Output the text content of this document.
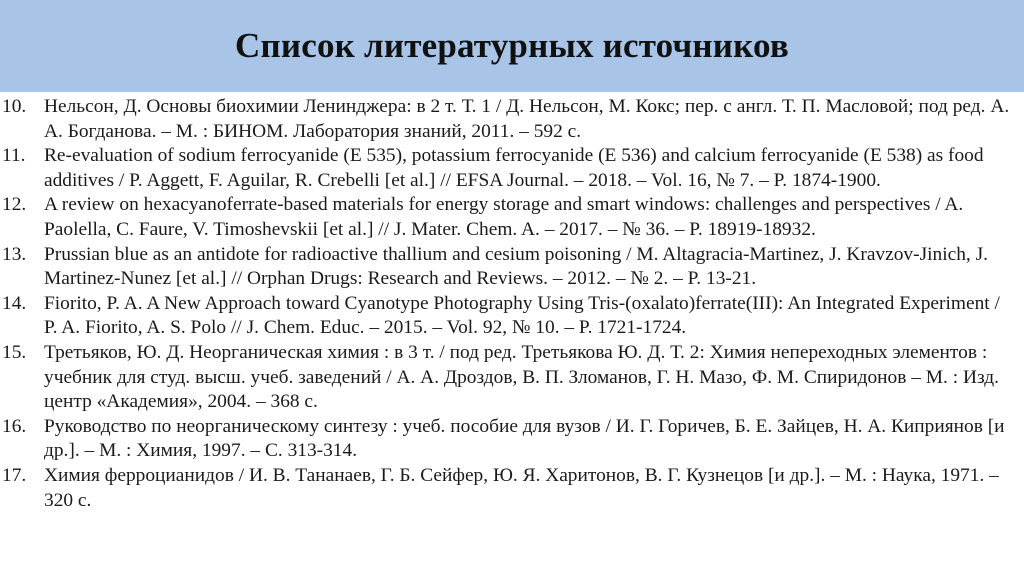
Список литературных источников
10. Нельсон, Д. Основы биохимии Ленинджера: в 2 т. Т. 1 / Д. Нельсон, М. Кокс; пер. с англ. Т. П. Масловой; под ред. А. А. Богданова. – М. : БИНОМ. Лаборатория знаний, 2011. – 592 с.
11. Re-evaluation of sodium ferrocyanide (E 535), potassium ferrocyanide (E 536) and calcium ferrocyanide (E 538) as food additives / P. Aggett, F. Aguilar, R. Crebelli [et al.] // EFSA Journal. – 2018. – Vol. 16, № 7. – P. 1874-1900.
12. A review on hexacyanoferrate-based materials for energy storage and smart windows: challenges and perspectives / A. Paolella, C. Faure, V. Timoshevskii [et al.] // J. Mater. Chem. A. – 2017. – № 36. – P. 18919-18932.
13. Prussian blue as an antidote for radioactive thallium and cesium poisoning / M. Altagracia-Martinez, J. Kravzov-Jinich, J. Martinez-Nunez [et al.] // Orphan Drugs: Research and Reviews. – 2012. – № 2. – P. 13-21.
14. Fiorito, P. A. A New Approach toward Cyanotype Photography Using Tris-(oxalato)ferrate(III): An Integrated Experiment / P. A. Fiorito, A. S. Polo // J. Chem. Educ. – 2015. – Vol. 92, № 10. – P. 1721-1724.
15. Третьяков, Ю. Д. Неорганическая химия : в 3 т. / под ред. Третьякова Ю. Д. Т. 2: Химия непереходных элементов : учебник для студ. высш. учеб. заведений / А. А. Дроздов, В. П. Зломанов, Г. Н. Мазо, Ф. М. Спиридонов – М. : Изд. центр «Академия», 2004. – 368 с.
16. Руководство по неорганическому синтезу : учеб. пособие для вузов / И. Г. Горичев, Б. Е. Зайцев, Н. А. Киприянов [и др.]. – М. : Химия, 1997. – С. 313-314.
17. Химия ферроцианидов / И. В. Тананаев, Г. Б. Сейфер, Ю. Я. Харитонов, В. Г. Кузнецов [и др.]. – М. : Наука, 1971. – 320 с.
